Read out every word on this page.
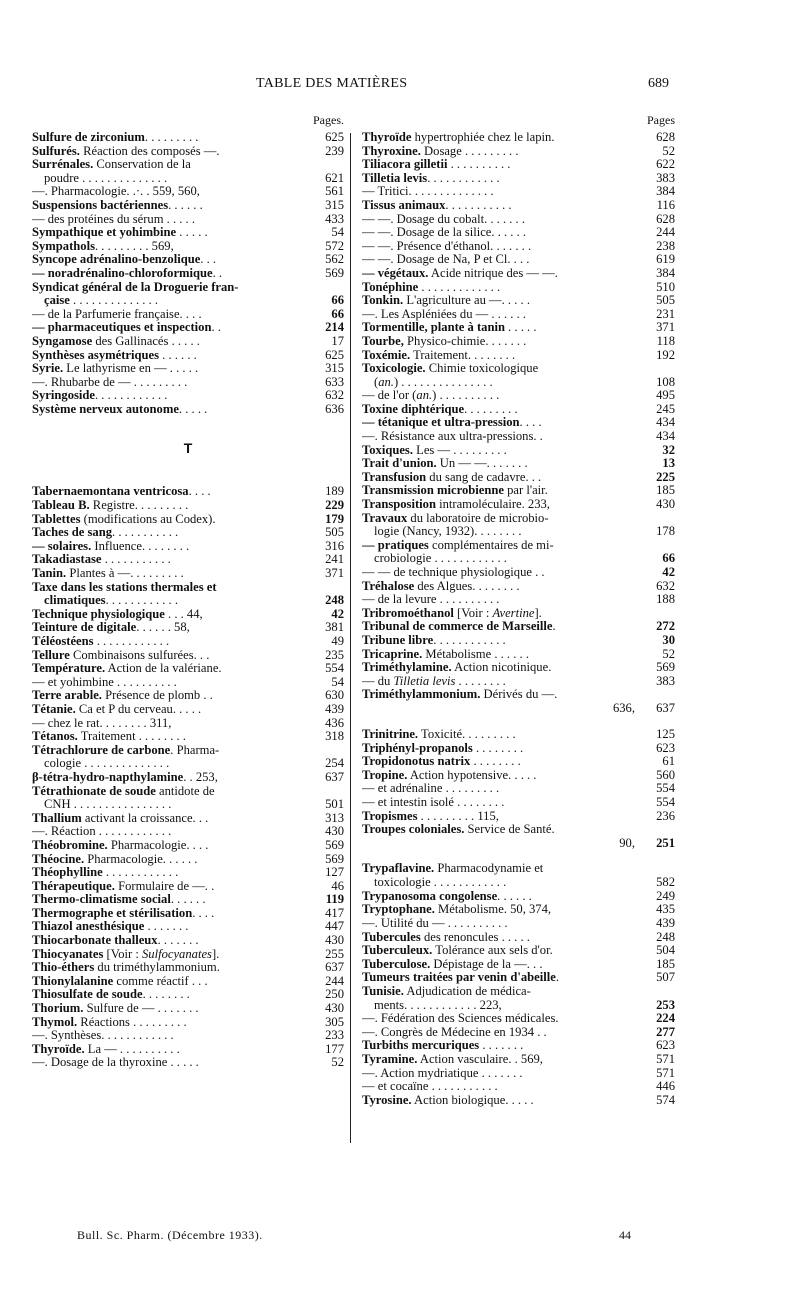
TABLE DES MATIÈRES	689
Pages.
Sulfure de zirconium. . . . . . . . .	625
Sulfurés. Réaction des composés —.	239
Surrénales. Conservation de la
poudre . . . . . . . . . . . . . .	621
—. Pharmacologie. .·. . 559, 560,	561
Suspensions bactériennes. . . . . .	315
— des protéines du sérum . . . . .	433
Sympathique et yohimbine . . . . .	54
Sympathols. . . . . . . . . 569,	572
Syncope adrénalino-benzolique. . .	562
— noradrénalino-chloroformique. .	569
Syndicat général de la Droguerie fran-
çaise . . . . . . . . . . . . . .	66
— de la Parfumerie française. . . .	66
— pharmaceutiques et inspection. .	214
Syngamose des Gallinacés . . . . .	17
Synthèses asymétriques . . . . . .	625
Syrie. Le lathyrisme en — . . . . .	315
—. Rhubarbe de — . . . . . . . . .	633
Syringoside. . . . . . . . . . . .	632
Système nerveux autonome. . . . .	636
T
Tabernaemontana ventricosa. . . .	189
Tableau B. Registre. . . . . . . . .	229
Tablettes (modifications au Codex).	179
Taches de sang. . . . . . . . . . .	505
— solaires. Influence. . . . . . . .	316
Takadiastase . . . . . . . . . . .	241
Tanin. Plantes à —. . . . . . . . .	371
Taxe dans les stations thermales et
climatiques. . . . . . . . . . . .	248
Technique physiologique . . . 44,	42
Teinture de digitale. . . . . . 58,	381
Téléostéens . . . . . . . . . . . .	49
Tellure Combinaisons sulfurées. . .	235
Température. Action de la valériane.	554
— et yohimbine . . . . . . . . . .	54
Terre arable. Présence de plomb . .	630
Tétanie. Ca et P du cerveau. . . . .	439
— chez le rat. . . . . . . . 311,	436
Tétanos. Traitement . . . . . . . .	318
Tétrachlorure de carbone. Pharma-
cologie . . . . . . . . . . . . . .	254
β-tétra-hydro-napthylamine. . 253,	637
Tétrathionate de soude antidote de
CNH . . . . . . . . . . . . . . . .	501
Thallium activant la croissance. . .	313
—. Réaction . . . . . . . . . . . .	430
Théobromine. Pharmacologie. . . .	569
Théocine. Pharmacologie. . . . . .	569
Théophylline . . . . . . . . . . . .	127
Thérapeutique. Formulaire de —. .	46
Thermo-climatisme social. . . . . .	119
Thermographe et stérilisation. . . .	417
Thiazol anesthésique . . . . . . .	447
Thiocarbonate thalleux. . . . . . .	430
Thiocyanates [Voir : Sulfocyanates].	255
Thio-éthers du triméthylammonium.	637
Thionylalanine comme réactif . . .	244
Thiosulfate de soude. . . . . . . .	250
Thorium. Sulfure de — . . . . . . .	430
Thymol. Réactions . . . . . . . . .	305
—. Synthèses. . . . . . . . . . . .	233
Thyroïde. La — . . . . . . . . . .	177
—. Dosage de la thyroxine . . . . .	52
Pages
Thyroïde hypertrophiée chez le lapin.	628
Thyroxine. Dosage . . . . . . . . .	52
Tiliacora gilletii . . . . . . . . . .	622
Tilletia levis. . . . . . . . . . . .	383
— Tritici. . . . . . . . . . . . . .	384
Tissus animaux. . . . . . . . . . .	116
— —. Dosage du cobalt. . . . . . .	628
— —. Dosage de la silice. . . . . .	244
— —. Présence d'éthanol. . . . . . .	238
— —. Dosage de Na, P et Cl. . . .	619
— végétaux. Acide nitrique des — —.	384
Tonéphine . . . . . . . . . . . . .	510
Tonkin. L'agriculture au —. . . . .	505
—. Les Aspléniées du — . . . . . .	231
Tormentille, plante à tanin . . . . .	371
Tourbe, Physico-chimie. . . . . . .	118
Toxémie. Traitement. . . . . . . .	192
Toxicologie. Chimie toxicologique
(an.) . . . . . . . . . . . . . . .	108
— de l'or (an.) . . . . . . . . . .	495
Toxine diphtérique. . . . . . . . .	245
— tétanique et ultra-pression. . . .	434
—. Résistance aux ultra-pressions. .	434
Toxiques. Les — . . . . . . . . .	32
Trait d'union. Un — —. . . . . . .	13
Transfusion du sang de cadavre. . .	225
Transmission microbienne par l'air.	185
Transposition intramoléculaire. 233,	430
Travaux du laboratoire de microbio-
logie (Nancy, 1932). . . . . . . .	178
— pratiques complémentaires de mi-
crobiologie . . . . . . . . . . . .	66
— — de technique physiologique . .	42
Tréhalose des Algues. . . . . . . .	632
— de la levure . . . . . . . . . .	188
Tribromoéthanol [Voir : Avertine].
Tribunal de commerce de Marseille.	272
Tribune libre. . . . . . . . . . . .	30
Tricaprine. Métabolisme . . . . . .	52
Triméthylamine. Action nicotinique.	569
— du Tilletia levis . . . . . . . .	383
Triméthylammonium. Dérivés du —.
636, 637
Trinitrine. Toxicité. . . . . . . . .	125
Triphényl-propanols . . . . . . . .	623
Tropidonotus natrix . . . . . . . .	61
Tropine. Action hypotensive. . . . .	560
— et adrénaline . . . . . . . . .	554
— et intestin isolé . . . . . . . .	554
Tropismes . . . . . . . . . 115,	236
Troupes coloniales. Service de Santé.
90, 251
Trypaflavine. Pharmacodynamie et
toxicologie . . . . . . . . . . . .	582
Trypanosoma congolense. . . . . .	249
Tryptophane. Métabolisme. 50, 374,	435
—. Utilité du — . . . . . . . . . .	439
Tubercules des renoncules . . . . .	248
Tuberculeux. Tolérance aux sels d'or.	504
Tuberculose. Dépistage de la —. . .	185
Tumeurs traitées par venin d'abeille.	507
Tunisie. Adjudication de médica-
ments. . . . . . . . . . . . 223,	253
—. Fédération des Sciences médicales.	224
—. Congrès de Médecine en 1934 . .	277
Turbiths mercuriques . . . . . . .	623
Tyramine. Action vasculaire. . 569,	571
—. Action mydriatique . . . . . . .	571
— et cocaïne . . . . . . . . . . .	446
Tyrosine. Action biologique. . . . .	574
Bull. Sc. Pharm. (Décembre 1933).	44
